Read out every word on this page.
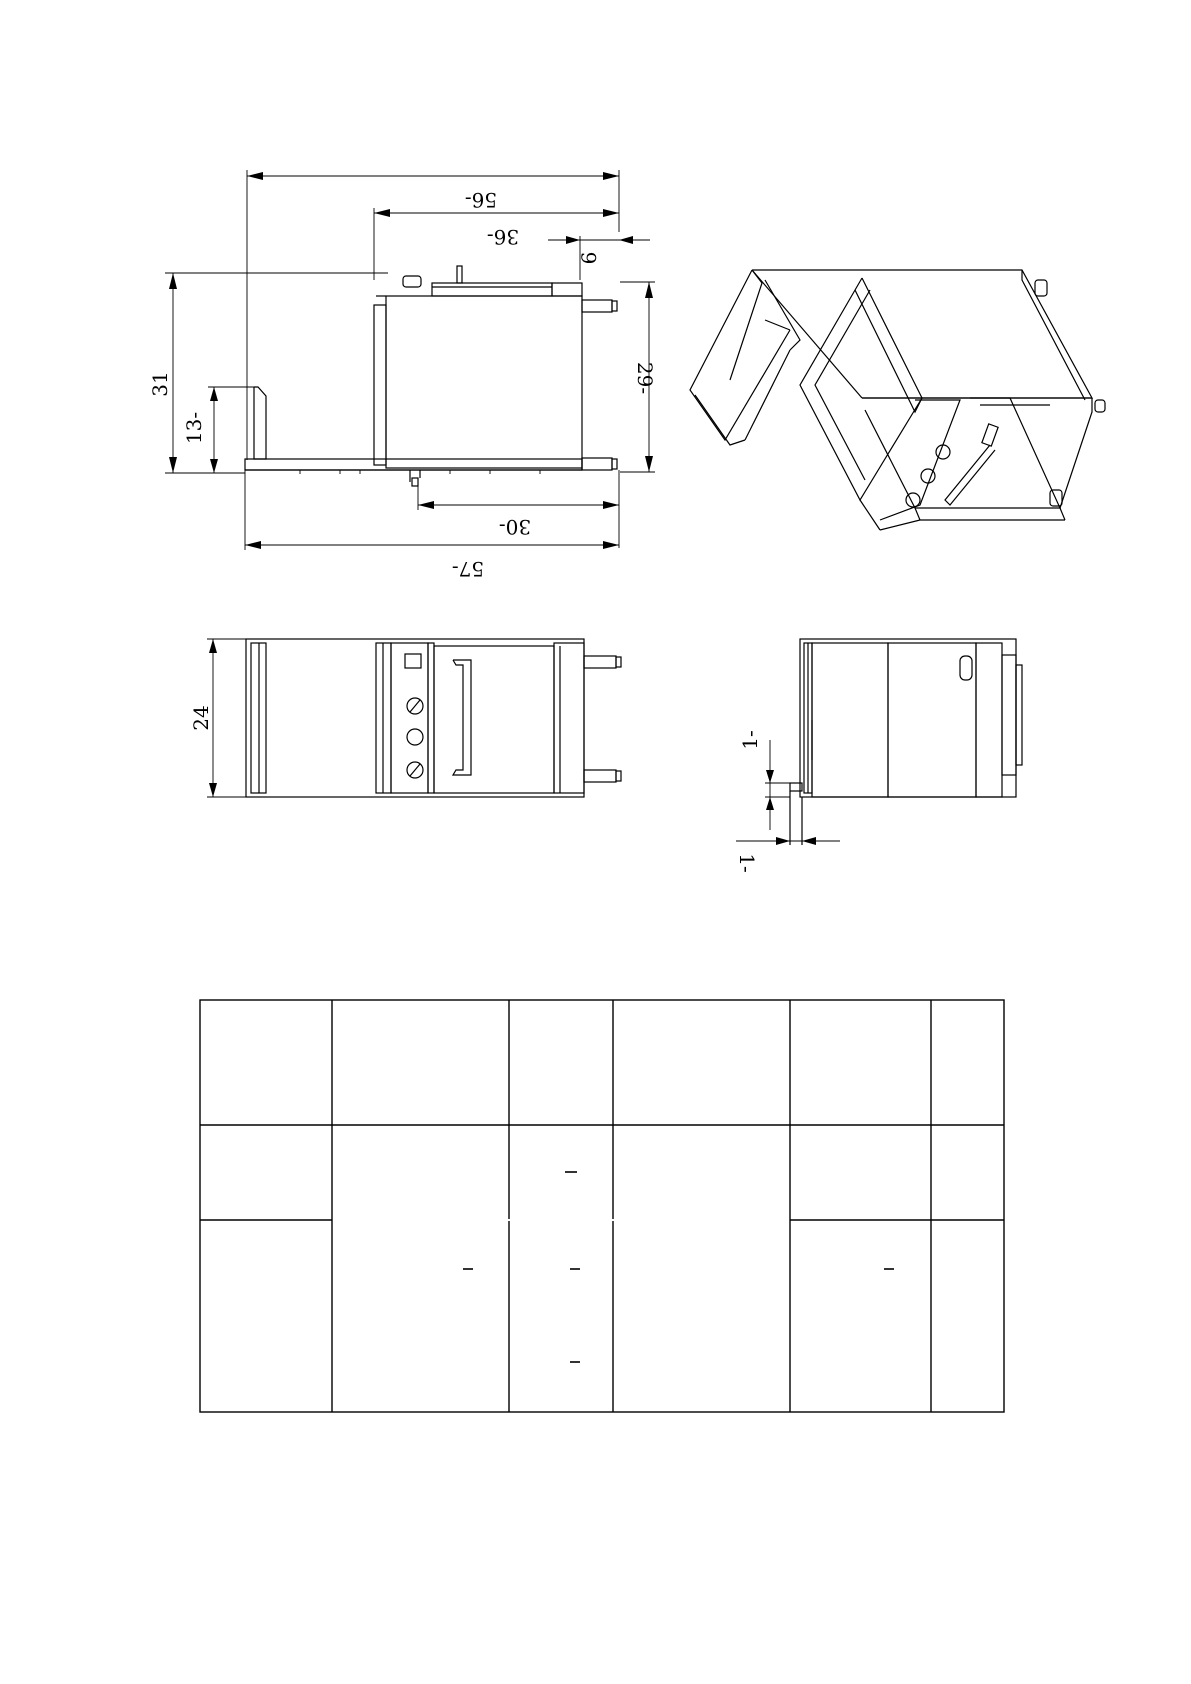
56-
36-
6
31
13-
29-
30-
57-
24
1-
1-
